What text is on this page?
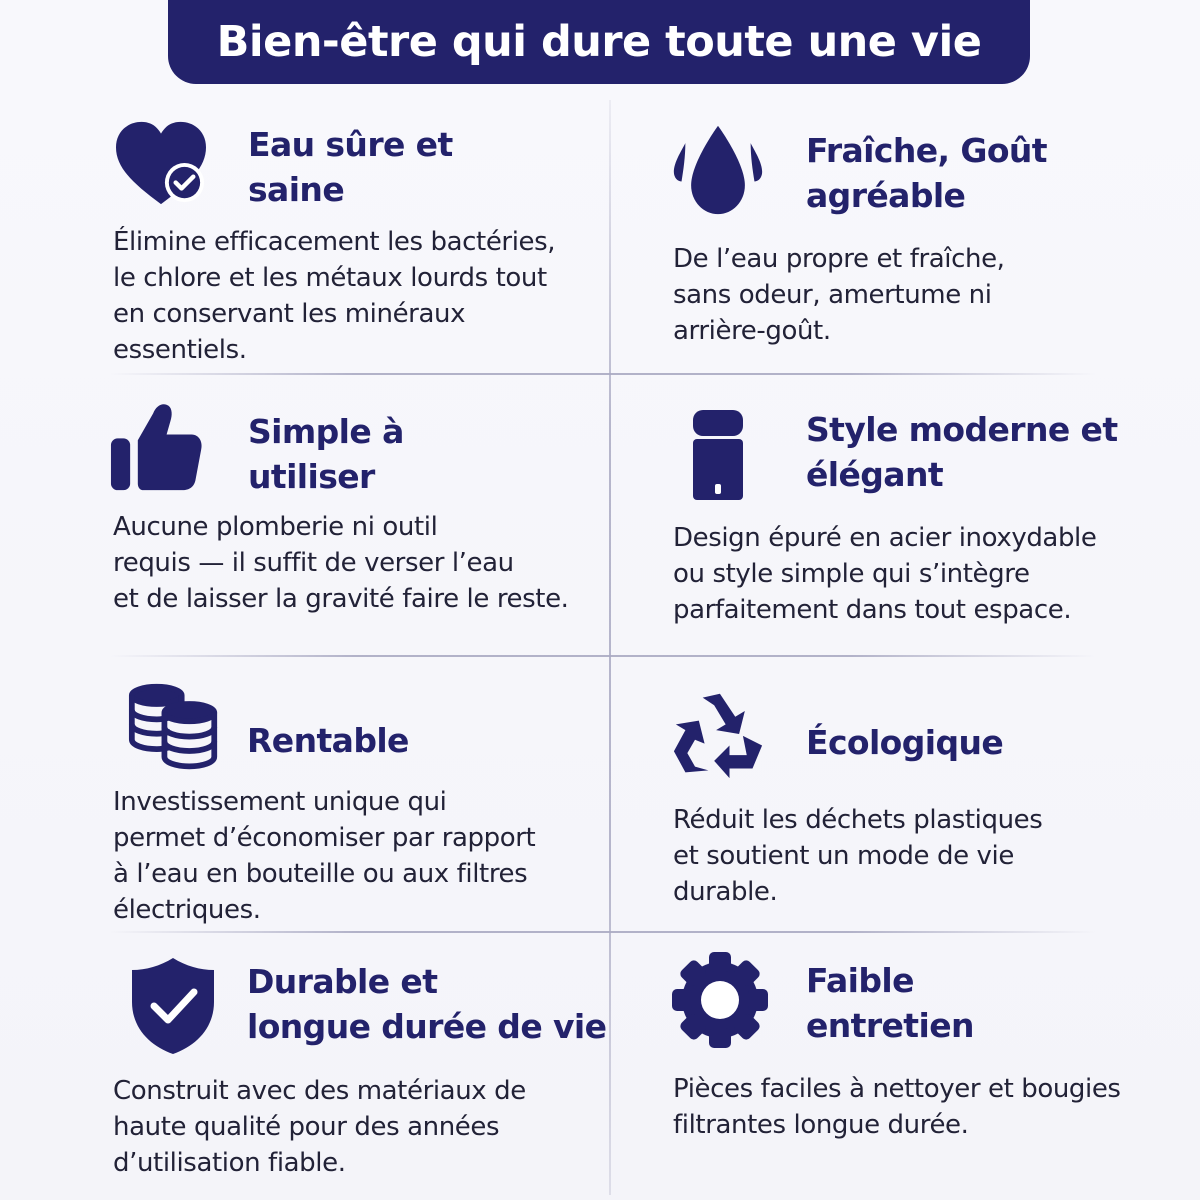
Bien-être qui dure toute une vie
Eau sûre et
saine
Élimine efficacement les bactéries,
le chlore et les métaux lourds tout
en conservant les minéraux
essentiels.
Fraîche, Goût
agréable
De l’eau propre et fraîche,
sans odeur, amertume ni
arrière-goût.
Simple à
utiliser
Aucune plomberie ni outil
requis — il suffit de verser l’eau
et de laisser la gravité faire le reste.
Style moderne et
élégant
Design épuré en acier inoxydable
ou style simple qui s’intègre
parfaitement dans tout espace.
Rentable
Investissement unique qui
permet d’économiser par rapport
à l’eau en bouteille ou aux filtres
électriques.
Écologique
Réduit les déchets plastiques
et soutient un mode de vie
durable.
Durable et
longue durée de vie
Construit avec des matériaux de
haute qualité pour des années
d’utilisation fiable.
Faible
entretien
Pièces faciles à nettoyer et bougies
filtrantes longue durée.
